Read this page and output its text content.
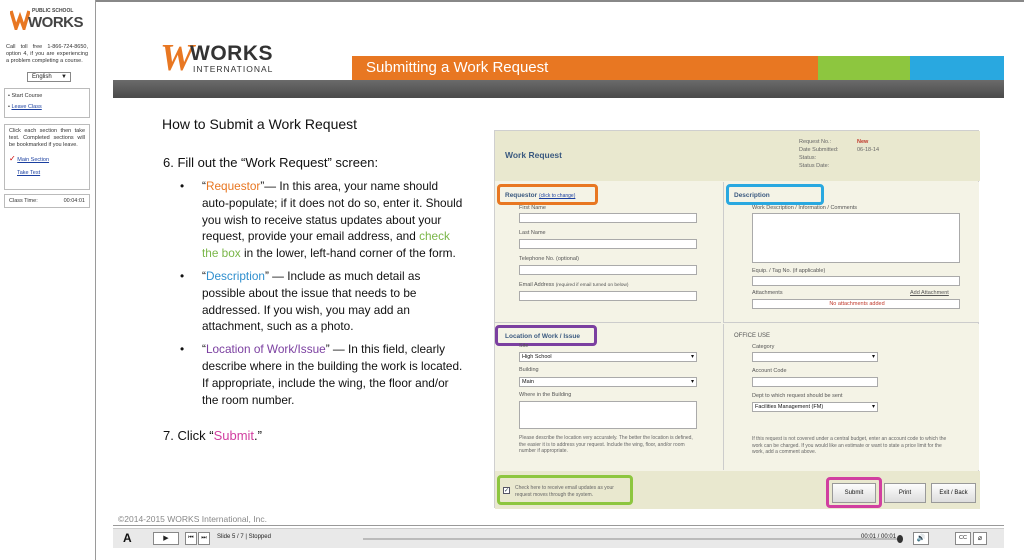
PUBLIC SCHOOL
WORKS
Call toll free 1-866-724-8650, option 4, if you are experiencing a problem completing a course.
English ▼
• Start Course
• Leave Class
Click each section then take test. Completed sections will be bookmarked if you leave.
✓ Main Section
Take Test
Class Time:	00:04:01
W
WORKS
INTERNATIONAL	Submitting a Work Request
How to Submit a Work Request
6. Fill out the “Work Request” screen:
• “Requestor”— In this area, your name should auto-populate; if it does not do so, enter it. Should you wish to receive status updates about your request, provide your email address, and check the box in the lower, left-hand corner of the form.
• “Description” — Include as much detail as possible about the issue that needs to be addressed. If you wish, you may add an attachment, such as a photo.
• “Location of Work/Issue” — In this field, clearly describe where in the building the work is located. If appropriate, include the wing, the floor and/or the room number.
7. Click “Submit.”
Work Request
Request No.:	New
Date Submitted:	06-18-14
Status:
Status Date:
Requestor (click to change)
First Name
Last Name
Telephone No. (optional)
Email Address (required if email turned on below)
Description
Work Description / Information / Comments
Equip. / Tag No. (if applicable)
Attachments	Add Attachment
No attachments added
Location of Work / Issue
Site
High School ▾
Building
Main ▾
Where in the Building
Please describe the location very accurately. The better the location is defined, the easier it is to address your request. Include the wing, floor, and/or room number if appropriate.
OFFICE USE
Category
▾
Account Code
Dept to which request should be sent
Facilities Management (FM) ▾
If this request is not covered under a central budget, enter an account code to which the work can be charged. If you would like an estimate or want to state a price limit for the work, add a comment above.
✓ Check here to receive email updates as your request moves through the system.	Submit	Print	Exit / Back
©2014-2015 WORKS International, Inc.
A	▶	⏮	⏭	Slide 5 / 7 | Stopped	00:01 / 00:01	🔊	CC	⌀
